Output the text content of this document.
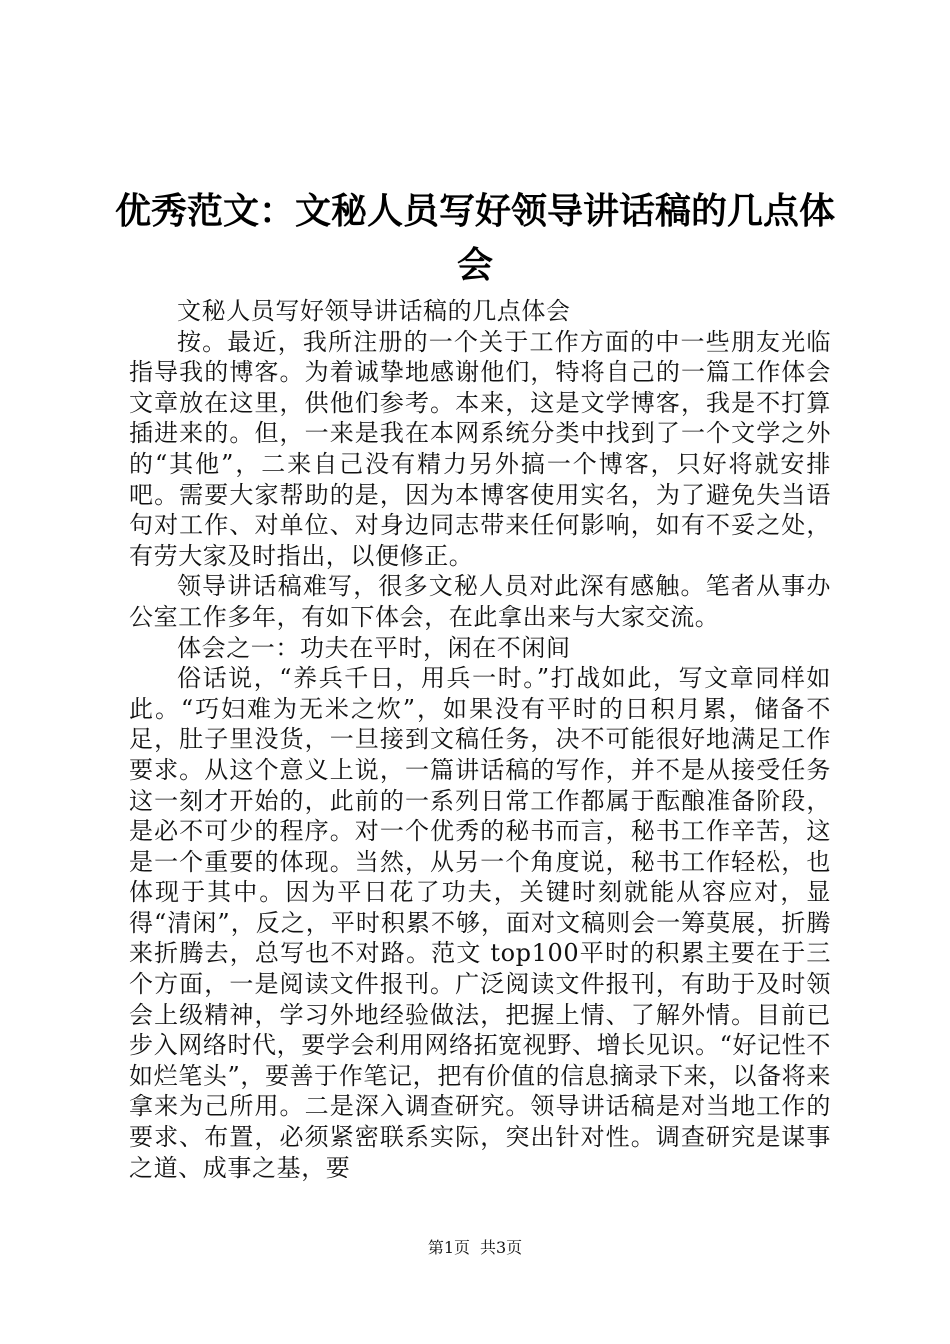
优秀范文：文秘人员写好领导讲话稿的几点体会

文秘人员写好领导讲话稿的几点体会

按。最近，我所注册的一个关于工作方面的中一些朋友光临指导我的博客。为着诚挚地感谢他们，特将自己的一篇工作体会文章放在这里，供他们参考。本来，这是文学博客，我是不打算插进来的。但，一来是我在本网系统分类中找到了一个文学之外的“其他”，二来自己没有精力另外搞一个博客，只好将就安排吧。需要大家帮助的是，因为本博客使用实名，为了避免失当语句对工作、对单位、对身边同志带来任何影响，如有不妥之处，有劳大家及时指出，以便修正。

领导讲话稿难写，很多文秘人员对此深有感触。笔者从事办公室工作多年，有如下体会，在此拿出来与大家交流。

体会之一：功夫在平时，闲在不闲间

俗话说，“养兵千日，用兵一时。”打战如此，写文章同样如此。“巧妇难为无米之炊”，如果没有平时的日积月累，储备不足，肚子里没货，一旦接到文稿任务，决不可能很好地满足工作要求。从这个意义上说，一篇讲话稿的写作，并不是从接受任务这一刻才开始的，此前的一系列日常工作都属于酝酿准备阶段，是必不可少的程序。对一个优秀的秘书而言，秘书工作辛苦，这是一个重要的体现。当然，从另一个角度说，秘书工作轻松，也体现于其中。因为平日花了功夫，关键时刻就能从容应对，显得“清闲”，反之，平时积累不够，面对文稿则会一筹莫展，折腾来折腾去，总写也不对路。范文 top100平时的积累主要在于三个方面，一是阅读文件报刊。广泛阅读文件报刊，有助于及时领会上级精神，学习外地经验做法，把握上情、了解外情。目前已步入网络时代，要学会利用网络拓宽视野、增长见识。“好记性不如烂笔头”，要善于作笔记，把有价值的信息摘录下来，以备将来拿来为己所用。二是深入调查研究。领导讲话稿是对当地工作的要求、布置，必须紧密联系实际，突出针对性。调查研究是谋事之道、成事之基，要

第1页 共3页
